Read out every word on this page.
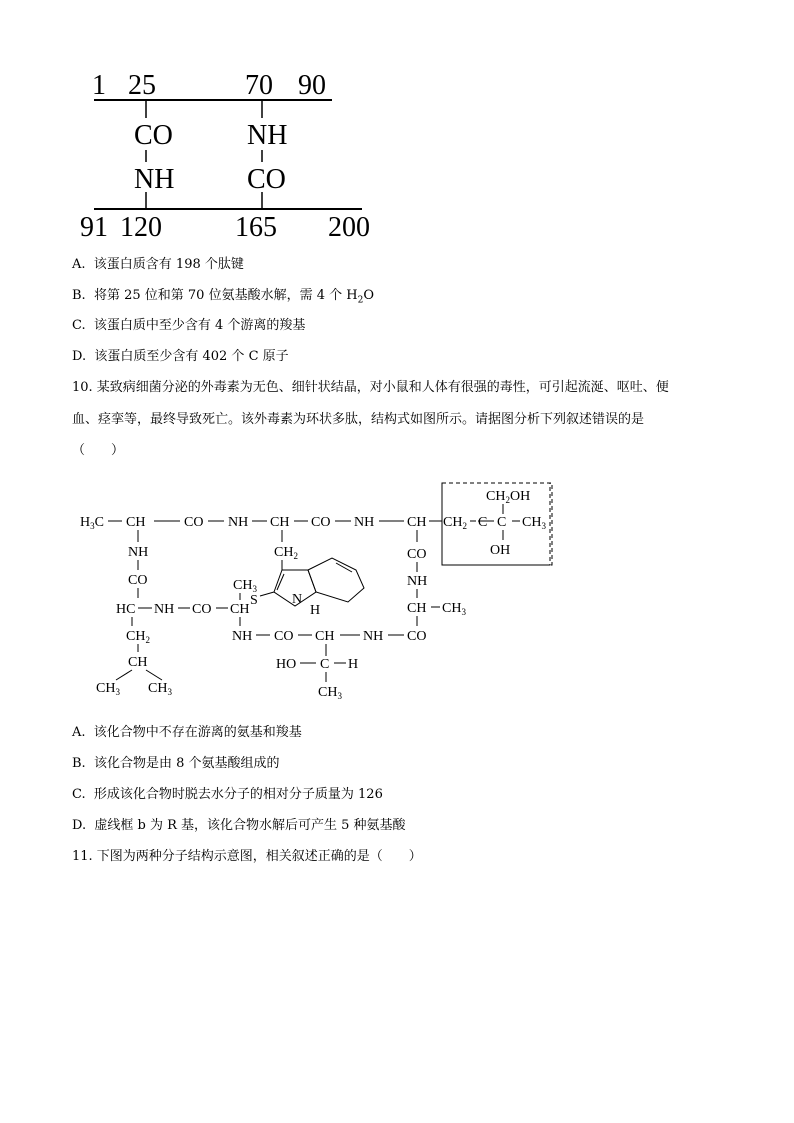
1 25	70 90
CO
NH
NH
CO
91 120	165 200
A. 该蛋白质含有 198 个肽键
B. 将第 25 位和第 70 位氨基酸水解，需 4 个 $H_2O$
C. 该蛋白质中至少含有 4 个游离的羧基
D. 该蛋白质至少含有 402 个 C 原子
10. 某致病细菌分泌的外毒素为无色、细针状结晶，对小鼠和人体有很强的毒性，可引起流涎、呕吐、便
血、痉挛等，最终导致死亡。该外毒素为环状多肽，结构式如图所示。请据图分析下列叙述错误的是
（　　）
$H_3C$ CH	CO NH CH CO NH CH $CH_2$ C
$CH_2OH$
C $CH_3$
OH
NH
CO
HC NH CO CH
$CH_2$
CH
$CH_3$ $CH_3$
$CH_2$
S N
H
$CH_3$
NH CO CH NH CO
HO C H
$CH_3$
CO
NH
CH $CH_3$
A. 该化合物中不存在游离的氨基和羧基
B. 该化合物是由 8 个氨基酸组成的
C. 形成该化合物时脱去水分子的相对分子质量为 126
D. 虚线框 b 为 R 基，该化合物水解后可产生 5 种氨基酸
11. 下图为两种分子结构示意图，相关叙述正确的是（　　）
